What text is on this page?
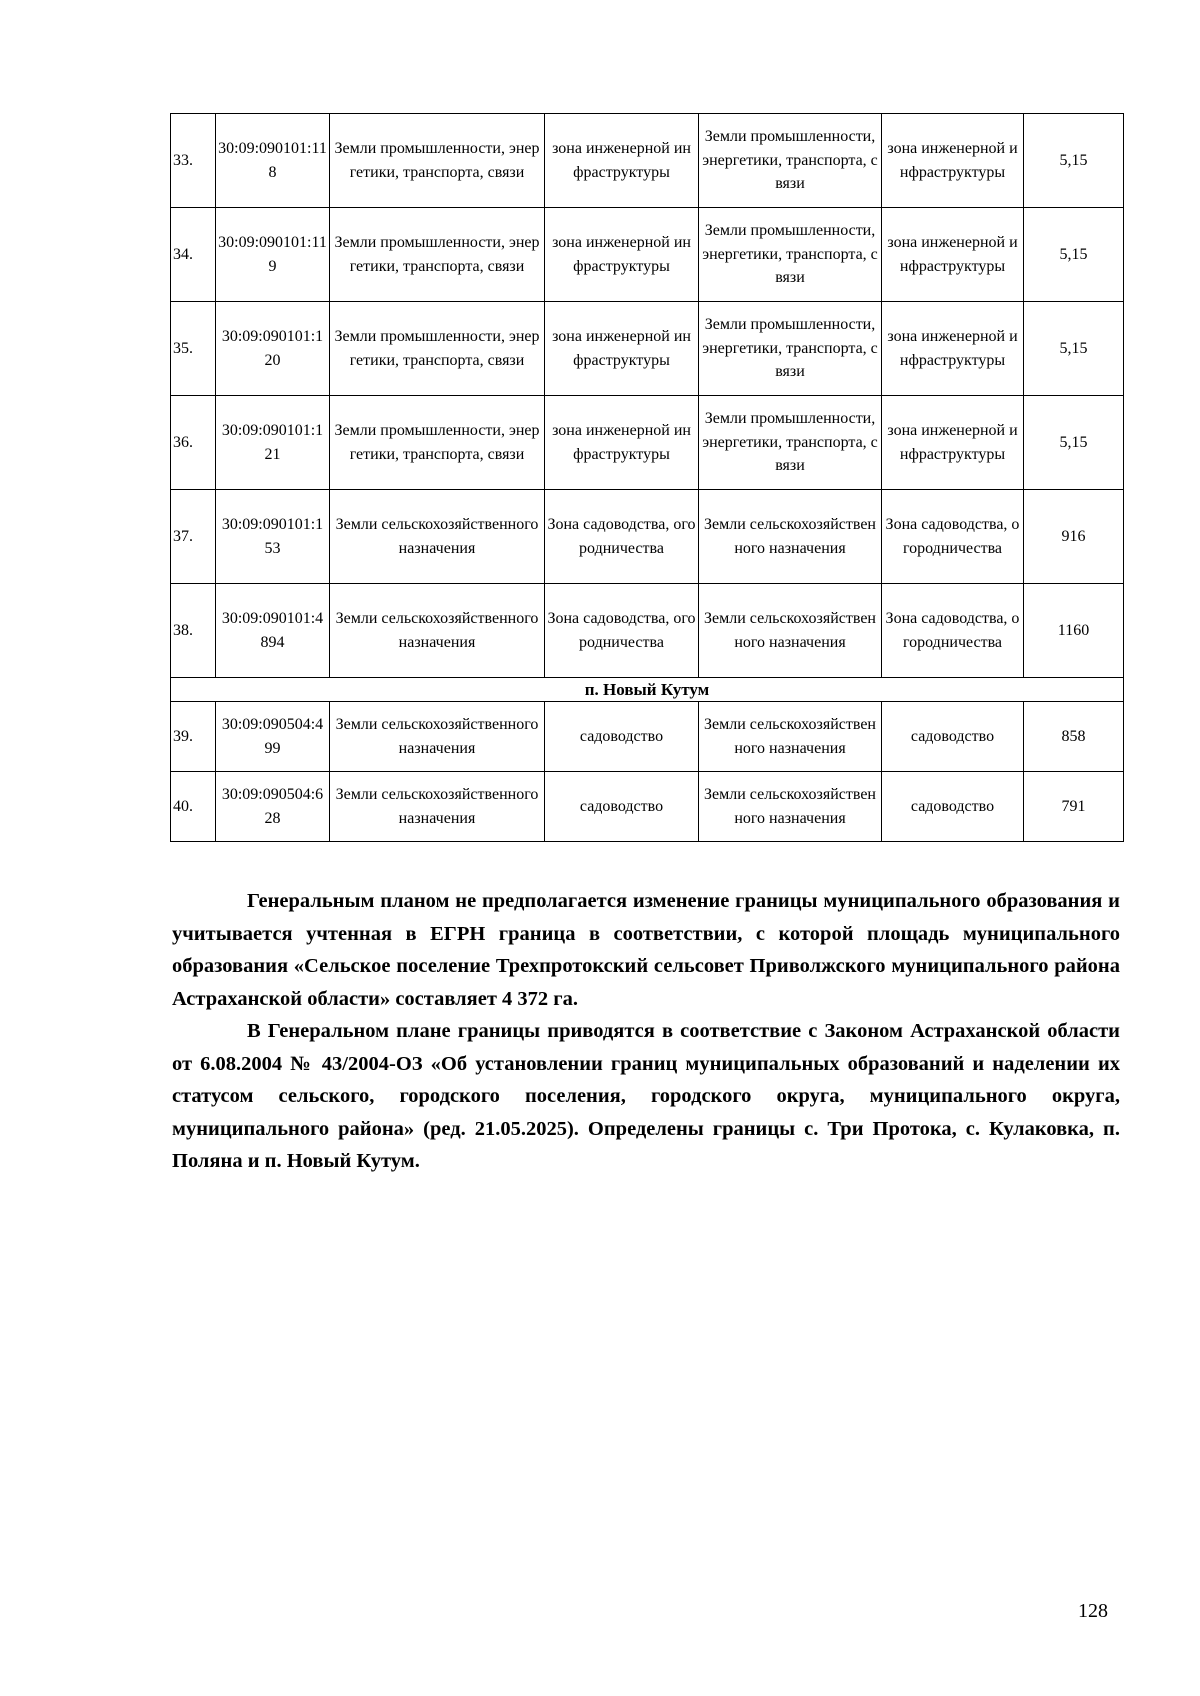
33.	30:09:090101:118	Земли промышленности, энергетики, транспорта, связи	зона инженерной инфраструктуры	Земли промышленности, энергетики, транспорта, связи	зона инженерной инфраструктуры	5,15
34.	30:09:090101:119	Земли промышленности, энергетики, транспорта, связи	зона инженерной инфраструктуры	Земли промышленности, энергетики, транспорта, связи	зона инженерной инфраструктуры	5,15
35.	30:09:090101:120	Земли промышленности, энергетики, транспорта, связи	зона инженерной инфраструктуры	Земли промышленности, энергетики, транспорта, связи	зона инженерной инфраструктуры	5,15
36.	30:09:090101:121	Земли промышленности, энергетики, транспорта, связи	зона инженерной инфраструктуры	Земли промышленности, энергетики, транспорта, связи	зона инженерной инфраструктуры	5,15
37.	30:09:090101:153	Земли сельскохозяйственного назначения	Зона садоводства, огородничества	Земли сельскохозяйственного назначения	Зона садоводства, огородничества	916
38.	30:09:090101:4894	Земли сельскохозяйственного назначения	Зона садоводства, огородничества	Земли сельскохозяйственного назначения	Зона садоводства, огородничества	1160
п. Новый Кутум						
39.	30:09:090504:499	Земли сельскохозяйственного назначения	садоводство	Земли сельскохозяйственного назначения	садоводство	858
40.	30:09:090504:628	Земли сельскохозяйственного назначения	садоводство	Земли сельскохозяйственного назначения	садоводство	791

Генеральным планом не предполагается изменение границы муниципального образования и учитывается учтенная в ЕГРН граница в соответствии, с которой площадь муниципального образования «Сельское поселение Трехпротокский сельсовет Приволжского муниципального района Астраханской области» составляет 4 372 га.

В Генеральном плане границы приводятся в соответствие с Законом Астраханской области от 6.08.2004 № 43/2004-ОЗ «Об установлении границ муниципальных образований и наделении их статусом сельского, городского поселения, городского округа, муниципального округа, муниципального района» (ред. 21.05.2025). Определены границы с. Три Протока, с. Кулаковка, п. Поляна и п. Новый Кутум.

128
